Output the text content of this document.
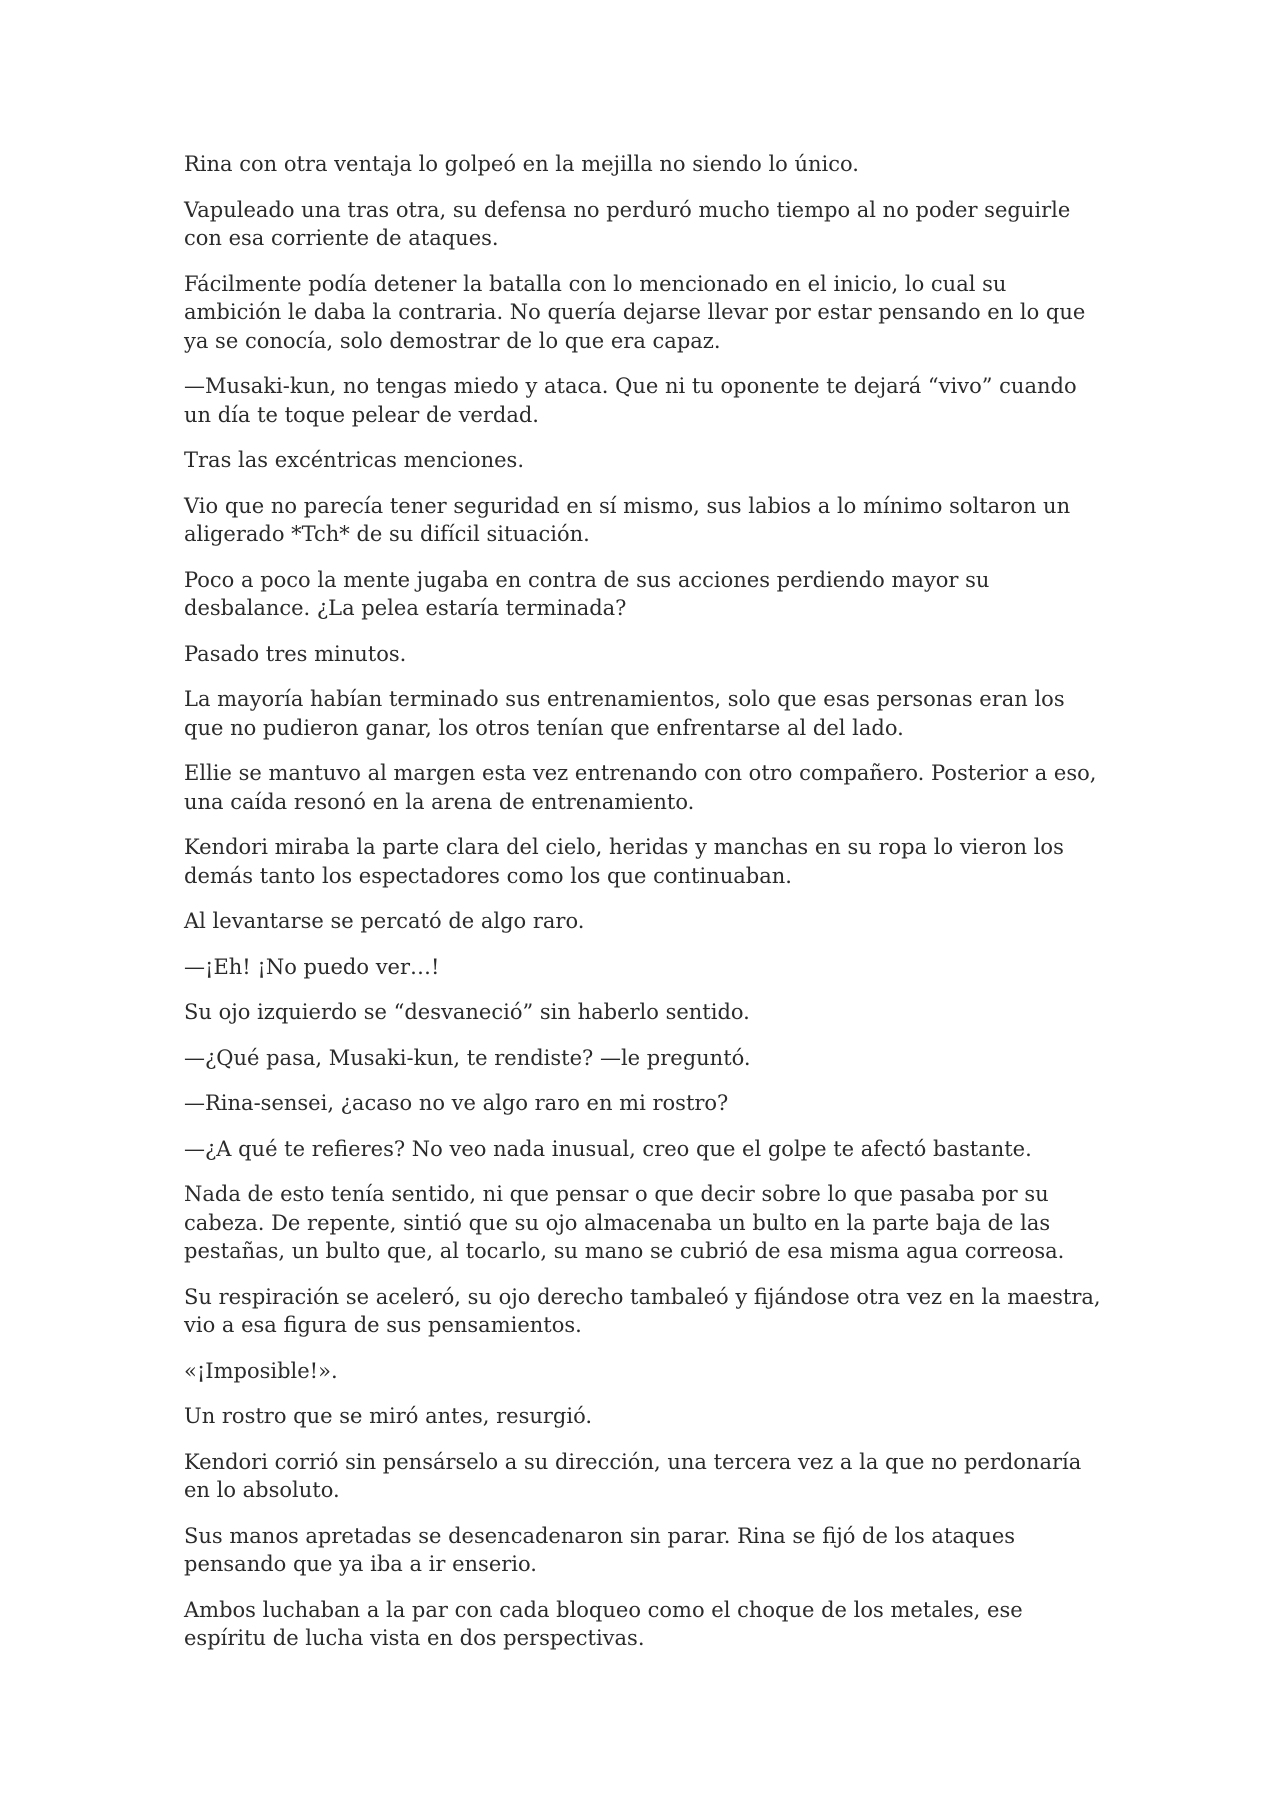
Rina con otra ventaja lo golpeó en la mejilla no siendo lo único.

Vapuleado una tras otra, su defensa no perduró mucho tiempo al no poder seguirle con esa corriente de ataques.

Fácilmente podía detener la batalla con lo mencionado en el inicio, lo cual su ambición le daba la contraria. No quería dejarse llevar por estar pensando en lo que ya se conocía, solo demostrar de lo que era capaz.

—Musaki-kun, no tengas miedo y ataca. Que ni tu oponente te dejará “vivo” cuando un día te toque pelear de verdad.

Tras las excéntricas menciones.

Vio que no parecía tener seguridad en sí mismo, sus labios a lo mínimo soltaron un aligerado *Tch* de su difícil situación.

Poco a poco la mente jugaba en contra de sus acciones perdiendo mayor su desbalance. ¿La pelea estaría terminada?

Pasado tres minutos.

La mayoría habían terminado sus entrenamientos, solo que esas personas eran los que no pudieron ganar, los otros tenían que enfrentarse al del lado.

Ellie se mantuvo al margen esta vez entrenando con otro compañero. Posterior a eso, una caída resonó en la arena de entrenamiento.

Kendori miraba la parte clara del cielo, heridas y manchas en su ropa lo vieron los demás tanto los espectadores como los que continuaban.

Al levantarse se percató de algo raro.

—¡Eh! ¡No puedo ver…!

Su ojo izquierdo se “desvaneció” sin haberlo sentido.

—¿Qué pasa, Musaki-kun, te rendiste? —le preguntó.

—Rina-sensei, ¿acaso no ve algo raro en mi rostro?

—¿A qué te refieres? No veo nada inusual, creo que el golpe te afectó bastante.

Nada de esto tenía sentido, ni que pensar o que decir sobre lo que pasaba por su cabeza. De repente, sintió que su ojo almacenaba un bulto en la parte baja de las pestañas, un bulto que, al tocarlo, su mano se cubrió de esa misma agua correosa.

Su respiración se aceleró, su ojo derecho tambaleó y fijándose otra vez en la maestra, vio a esa figura de sus pensamientos.

«¡Imposible!».

Un rostro que se miró antes, resurgió.

Kendori corrió sin pensárselo a su dirección, una tercera vez a la que no perdonaría en lo absoluto.

Sus manos apretadas se desencadenaron sin parar. Rina se fijó de los ataques pensando que ya iba a ir enserio.

Ambos luchaban a la par con cada bloqueo como el choque de los metales, ese espíritu de lucha vista en dos perspectivas.
